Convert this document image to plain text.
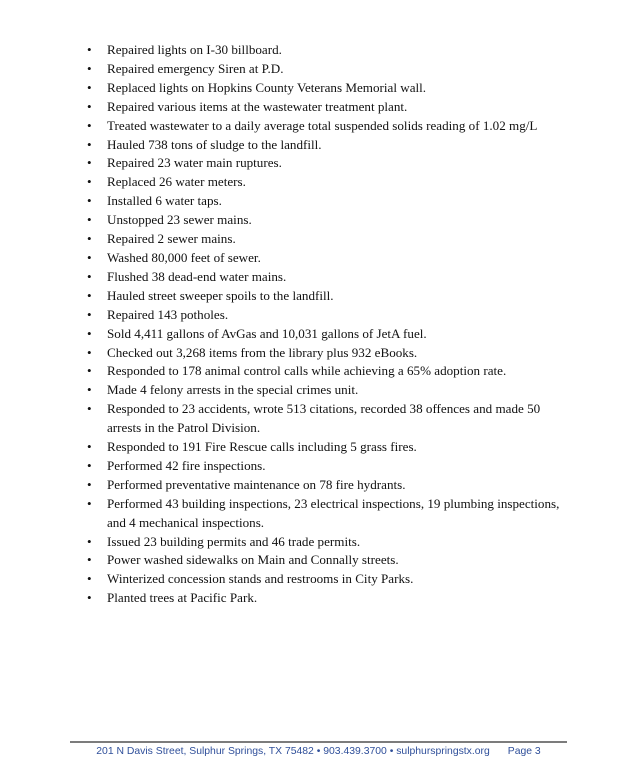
•	Repaired lights on I-30 billboard.
•	Repaired emergency Siren at P.D.
•	Replaced lights on Hopkins County Veterans Memorial wall.
•	Repaired various items at the wastewater treatment plant.
•	Treated wastewater to a daily average total suspended solids reading of 1.02 mg/L
•	Hauled 738 tons of sludge to the landfill.
•	Repaired 23 water main ruptures.
•	Replaced 26 water meters.
•	Installed 6 water taps.
•	Unstopped 23 sewer mains.
•	Repaired 2 sewer mains.
•	Washed 80,000 feet of sewer.
•	Flushed 38 dead-end water mains.
•	Hauled street sweeper spoils to the landfill.
•	Repaired 143 potholes.
•	Sold 4,411 gallons of AvGas and 10,031 gallons of JetA fuel.
•	Checked out 3,268 items from the library plus 932 eBooks.
•	Responded to 178 animal control calls while achieving a 65% adoption rate.
•	Made 4 felony arrests in the special crimes unit.
•	Responded to 23 accidents, wrote 513 citations, recorded 38 offences and made 50 arrests in the Patrol Division.
•	Responded to 191 Fire Rescue calls including 5 grass fires.
•	Performed 42 fire inspections.
•	Performed preventative maintenance on 78 fire hydrants.
•	Performed 43 building inspections, 23 electrical inspections, 19 plumbing inspections, and 4 mechanical inspections.
•	Issued 23 building permits and 46 trade permits.
•	Power washed sidewalks on Main and Connally streets.
•	Winterized concession stands and restrooms in City Parks.
•	Planted trees at Pacific Park.
201 N Davis Street, Sulphur Springs, TX 75482 • 903.439.3700 • sulphurspringstx.org Page 3
